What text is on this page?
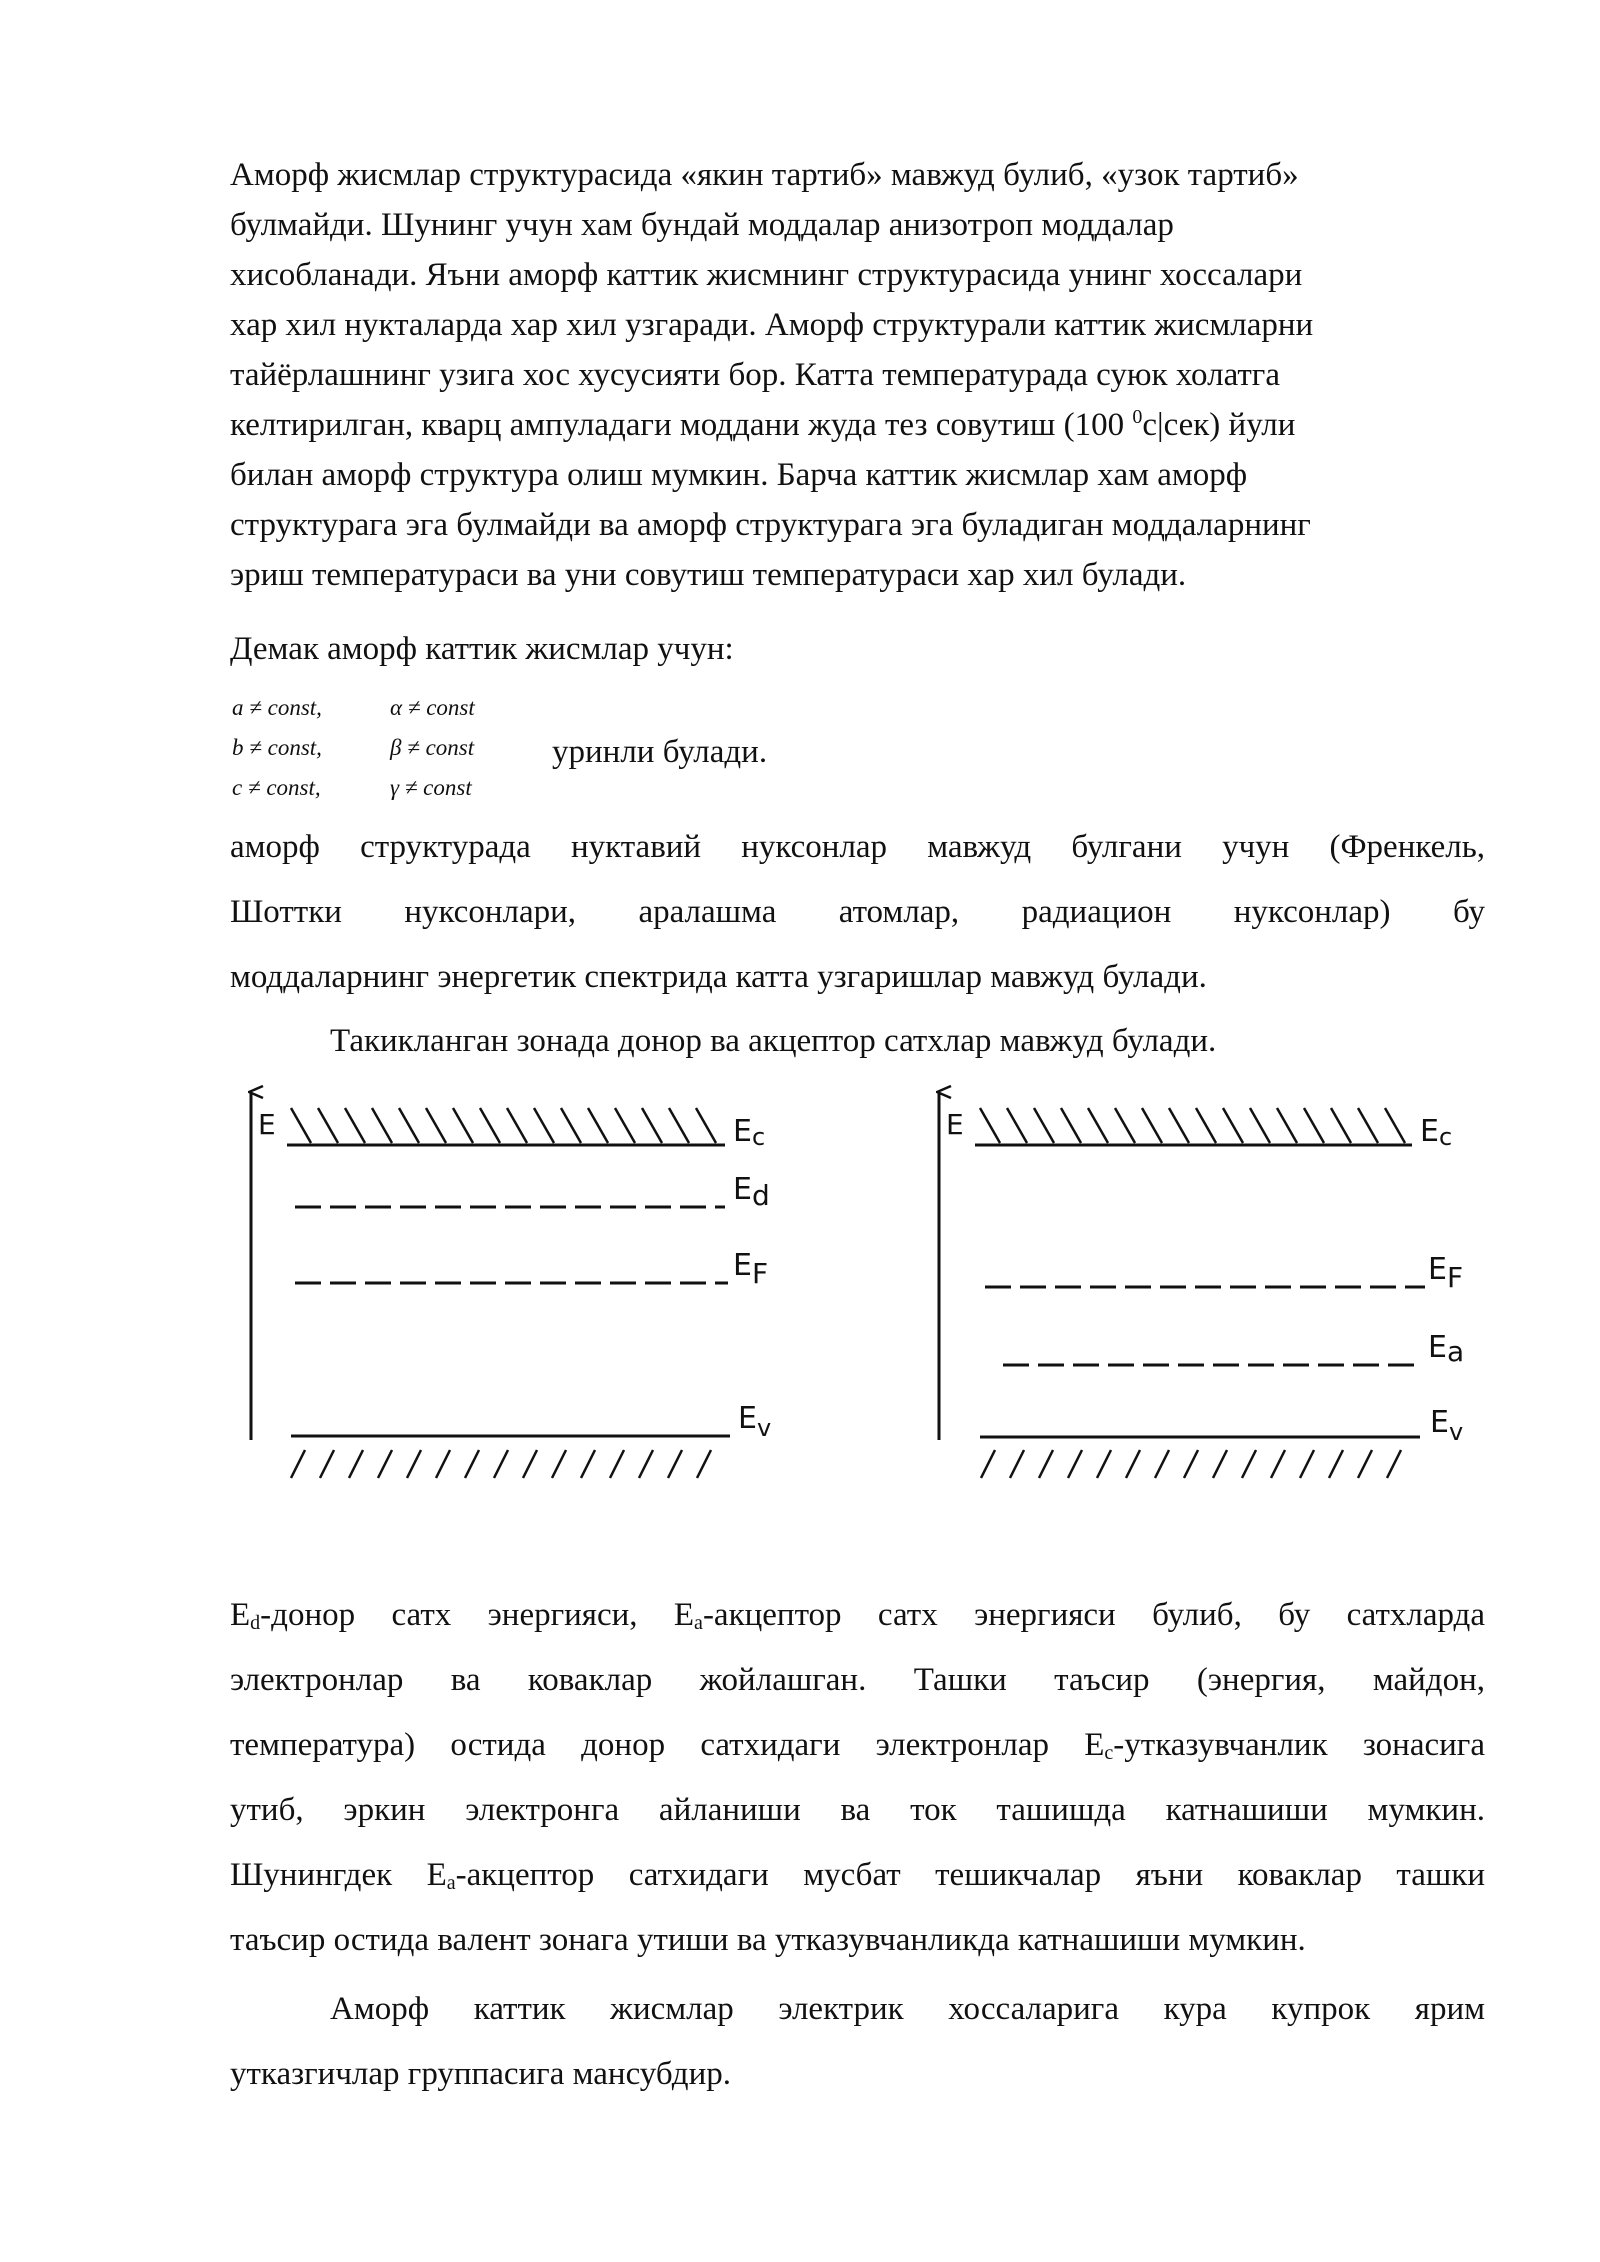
Аморф жисмлар структурасида «якин тартиб» мавжуд булиб, «узок тартиб»
булмайди. Шунинг учун хам бундай моддалар анизотроп моддалар
хисобланади. Яъни аморф каттик жисмнинг структурасида унинг хоссалари
хар хил нукталарда хар хил узгаради. Аморф структурали каттик жисмларни
тайёрлашнинг узига хос хусусияти бор. Катта температурада суюк холатга
келтирилган, кварц ампуладаги моддани жуда тез совутиш (100 $^0$c|сек) йули
билан аморф структура олиш мумкин. Барча каттик жисмлар хам аморф
структурага эга булмайди ва аморф структурага эга буладиган моддаларнинг
эриш температураси ва уни совутиш температураси хар хил булади.
Демак аморф каттик жисмлар учун:
a ≠ const,	α ≠ const
b ≠ const,	β ≠ const
c ≠ const,	γ ≠ const
уринли булади.
аморф структурада нуктавий нуксонлар мавжуд булгани учун (Френкель,
Шоттки нуксонлари, аралашма атомлар, радиацион нуксонлар) бу
моддаларнинг энергетик спектрида катта узгаришлар мавжуд булади.
Такикланган зонада донор ва акцептор сатхлар мавжуд булади.
E	Ec
Ed
EF
$E_v$
E	Ec
EF
Ea
$E_v$
$E_d$-донор сатх энергияси, $E_a$-акцептор сатх энергияси булиб, бу сатхларда
электронлар ва коваклар жойлашган. Ташки таъсир (энергия, майдон,
температура) остида донор сатхидаги электронлар $E_c$-утказувчанлик зонасига
утиб, эркин электронга айланиши ва ток ташишда катнашиши мумкин.
Шунингдек $E_a$-акцептор сатхидаги мусбат тешикчалар яъни коваклар ташки
таъсир остида валент зонага утиши ва утказувчанликда катнашиши мумкин.
Аморф каттик жисмлар электрик хоссаларига кура купрок ярим
утказгичлар группасига мансубдир.
